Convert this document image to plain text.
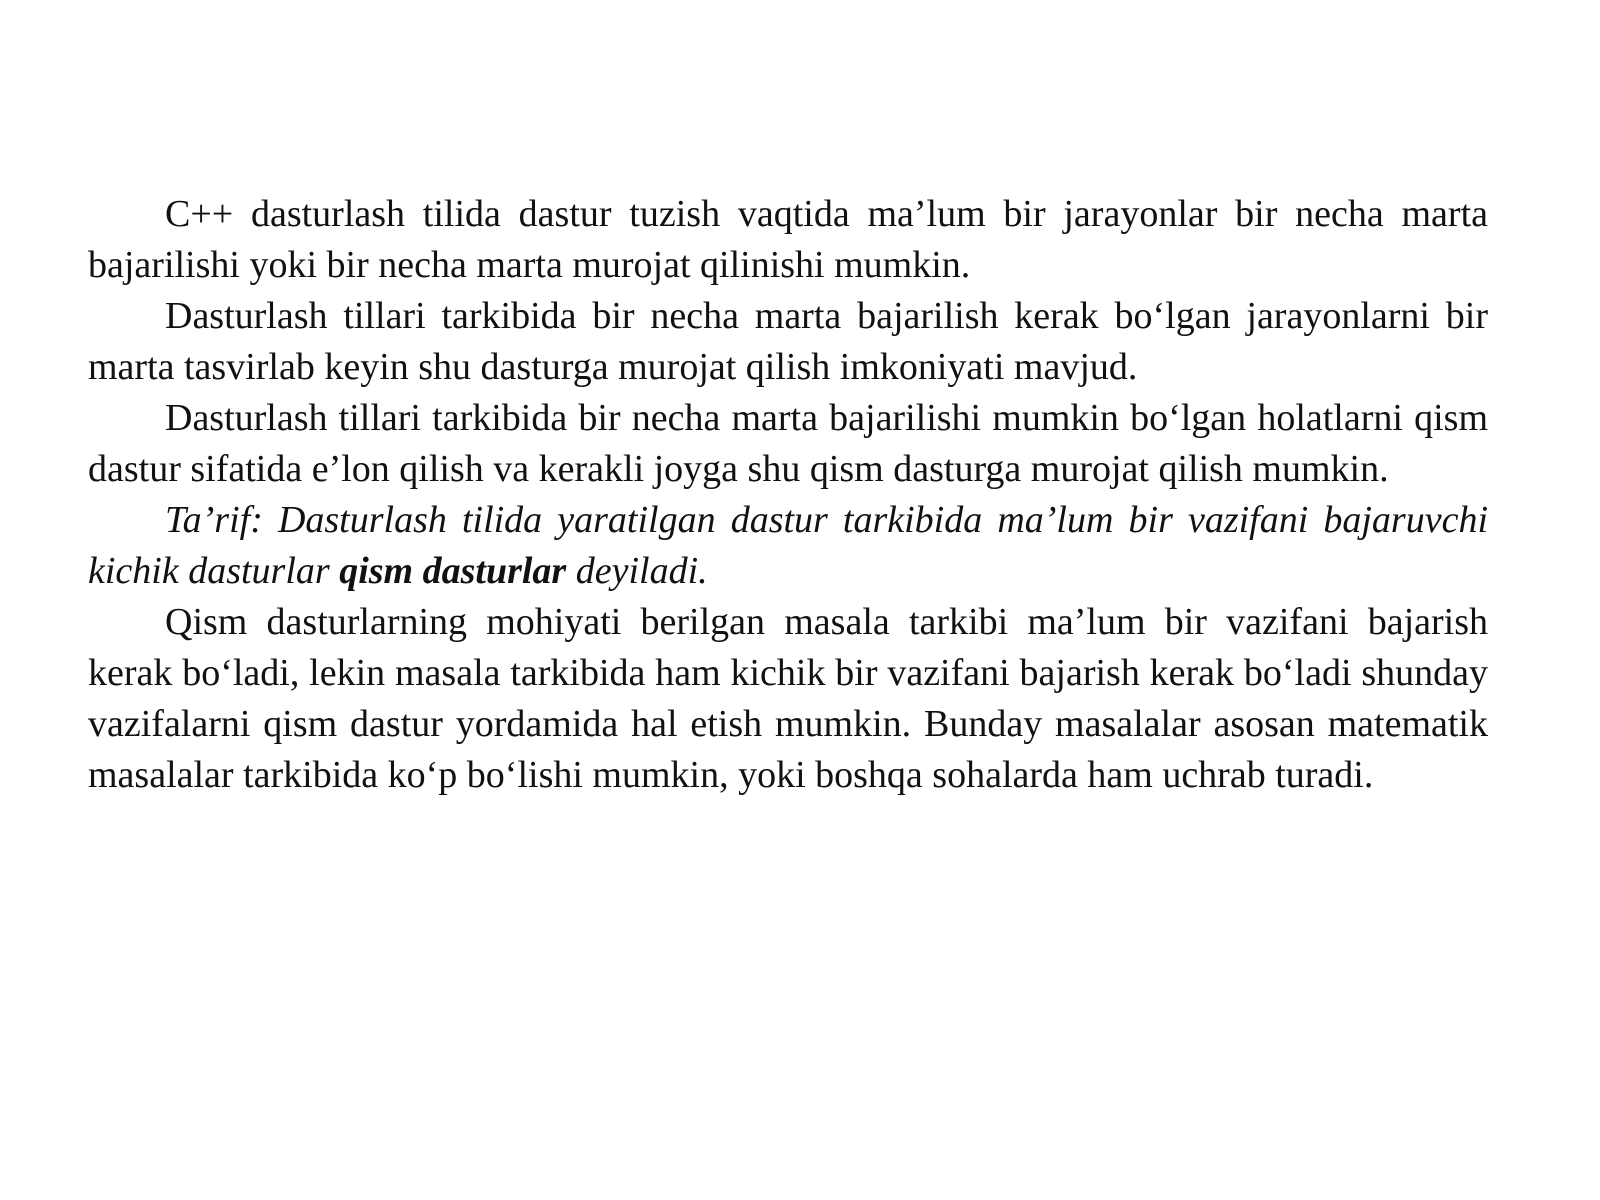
C++ dasturlash tilida dastur tuzish vaqtida ma’lum bir jarayonlar bir necha marta bajarilishi yoki bir necha marta murojat qilinishi mumkin.

Dasturlash tillari tarkibida bir necha marta bajarilish kerak bo‘lgan jarayonlarni bir marta tasvirlab keyin shu dasturga murojat qilish imkoniyati mavjud.

Dasturlash tillari tarkibida bir necha marta bajarilishi mumkin bo‘lgan holatlarni qism dastur sifatida e’lon qilish va kerakli joyga shu qism dasturga murojat qilish mumkin.

Ta’rif: Dasturlash tilida yaratilgan dastur tarkibida ma’lum bir vazifani bajaruvchi kichik dasturlar qism dasturlar deyiladi.

Qism dasturlarning mohiyati berilgan masala tarkibi ma’lum bir vazifani bajarish kerak bo‘ladi, lekin masala tarkibida ham kichik bir vazifani bajarish kerak bo‘ladi shunday vazifalarni qism dastur yordamida hal etish mumkin. Bunday masalalar asosan matematik masalalar tarkibida ko‘p bo‘lishi mumkin, yoki boshqa sohalarda ham uchrab turadi.
